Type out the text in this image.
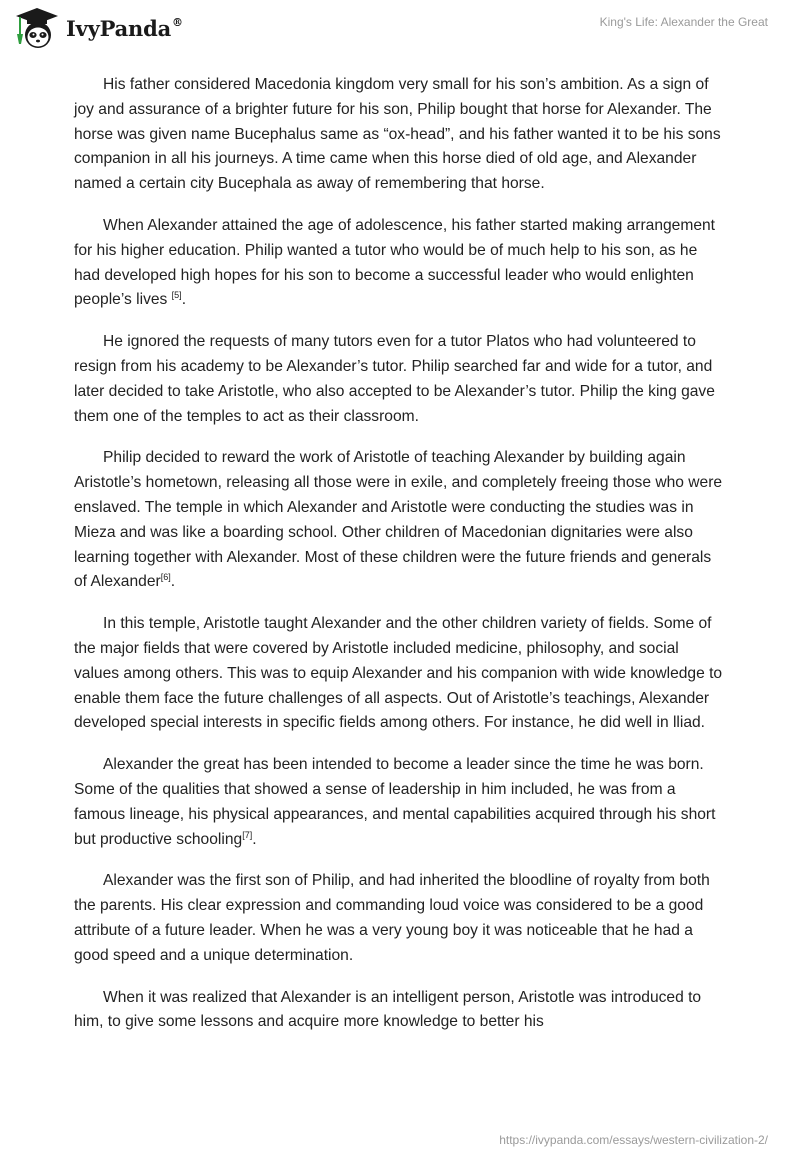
IvyPanda®	King's Life: Alexander the Great

His father considered Macedonia kingdom very small for his son’s ambition. As a sign of joy and assurance of a brighter future for his son, Philip bought that horse for Alexander. The horse was given name Bucephalus same as “ox-head”, and his father wanted it to be his sons companion in all his journeys. A time came when this horse died of old age, and Alexander named a certain city Bucephala as away of remembering that horse.

When Alexander attained the age of adolescence, his father started making arrangement for his higher education. Philip wanted a tutor who would be of much help to his son, as he had developed high hopes for his son to become a successful leader who would enlighten people’s lives [5].

He ignored the requests of many tutors even for a tutor Platos who had volunteered to resign from his academy to be Alexander’s tutor. Philip searched far and wide for a tutor, and later decided to take Aristotle, who also accepted to be Alexander’s tutor. Philip the king gave them one of the temples to act as their classroom.

Philip decided to reward the work of Aristotle of teaching Alexander by building again Aristotle’s hometown, releasing all those were in exile, and completely freeing those who were enslaved. The temple in which Alexander and Aristotle were conducting the studies was in Mieza and was like a boarding school. Other children of Macedonian dignitaries were also learning together with Alexander. Most of these children were the future friends and generals of Alexander[6].

In this temple, Aristotle taught Alexander and the other children variety of fields. Some of the major fields that were covered by Aristotle included medicine, philosophy, and social values among others. This was to equip Alexander and his companion with wide knowledge to enable them face the future challenges of all aspects. Out of Aristotle’s teachings, Alexander developed special interests in specific fields among others. For instance, he did well in lliad.

Alexander the great has been intended to become a leader since the time he was born. Some of the qualities that showed a sense of leadership in him included, he was from a famous lineage, his physical appearances, and mental capabilities acquired through his short but productive schooling[7].

Alexander was the first son of Philip, and had inherited the bloodline of royalty from both the parents. His clear expression and commanding loud voice was considered to be a good attribute of a future leader. When he was a very young boy it was noticeable that he had a good speed and a unique determination.

When it was realized that Alexander is an intelligent person, Aristotle was introduced to him, to give some lessons and acquire more knowledge to better his

https://ivypanda.com/essays/western-civilization-2/
